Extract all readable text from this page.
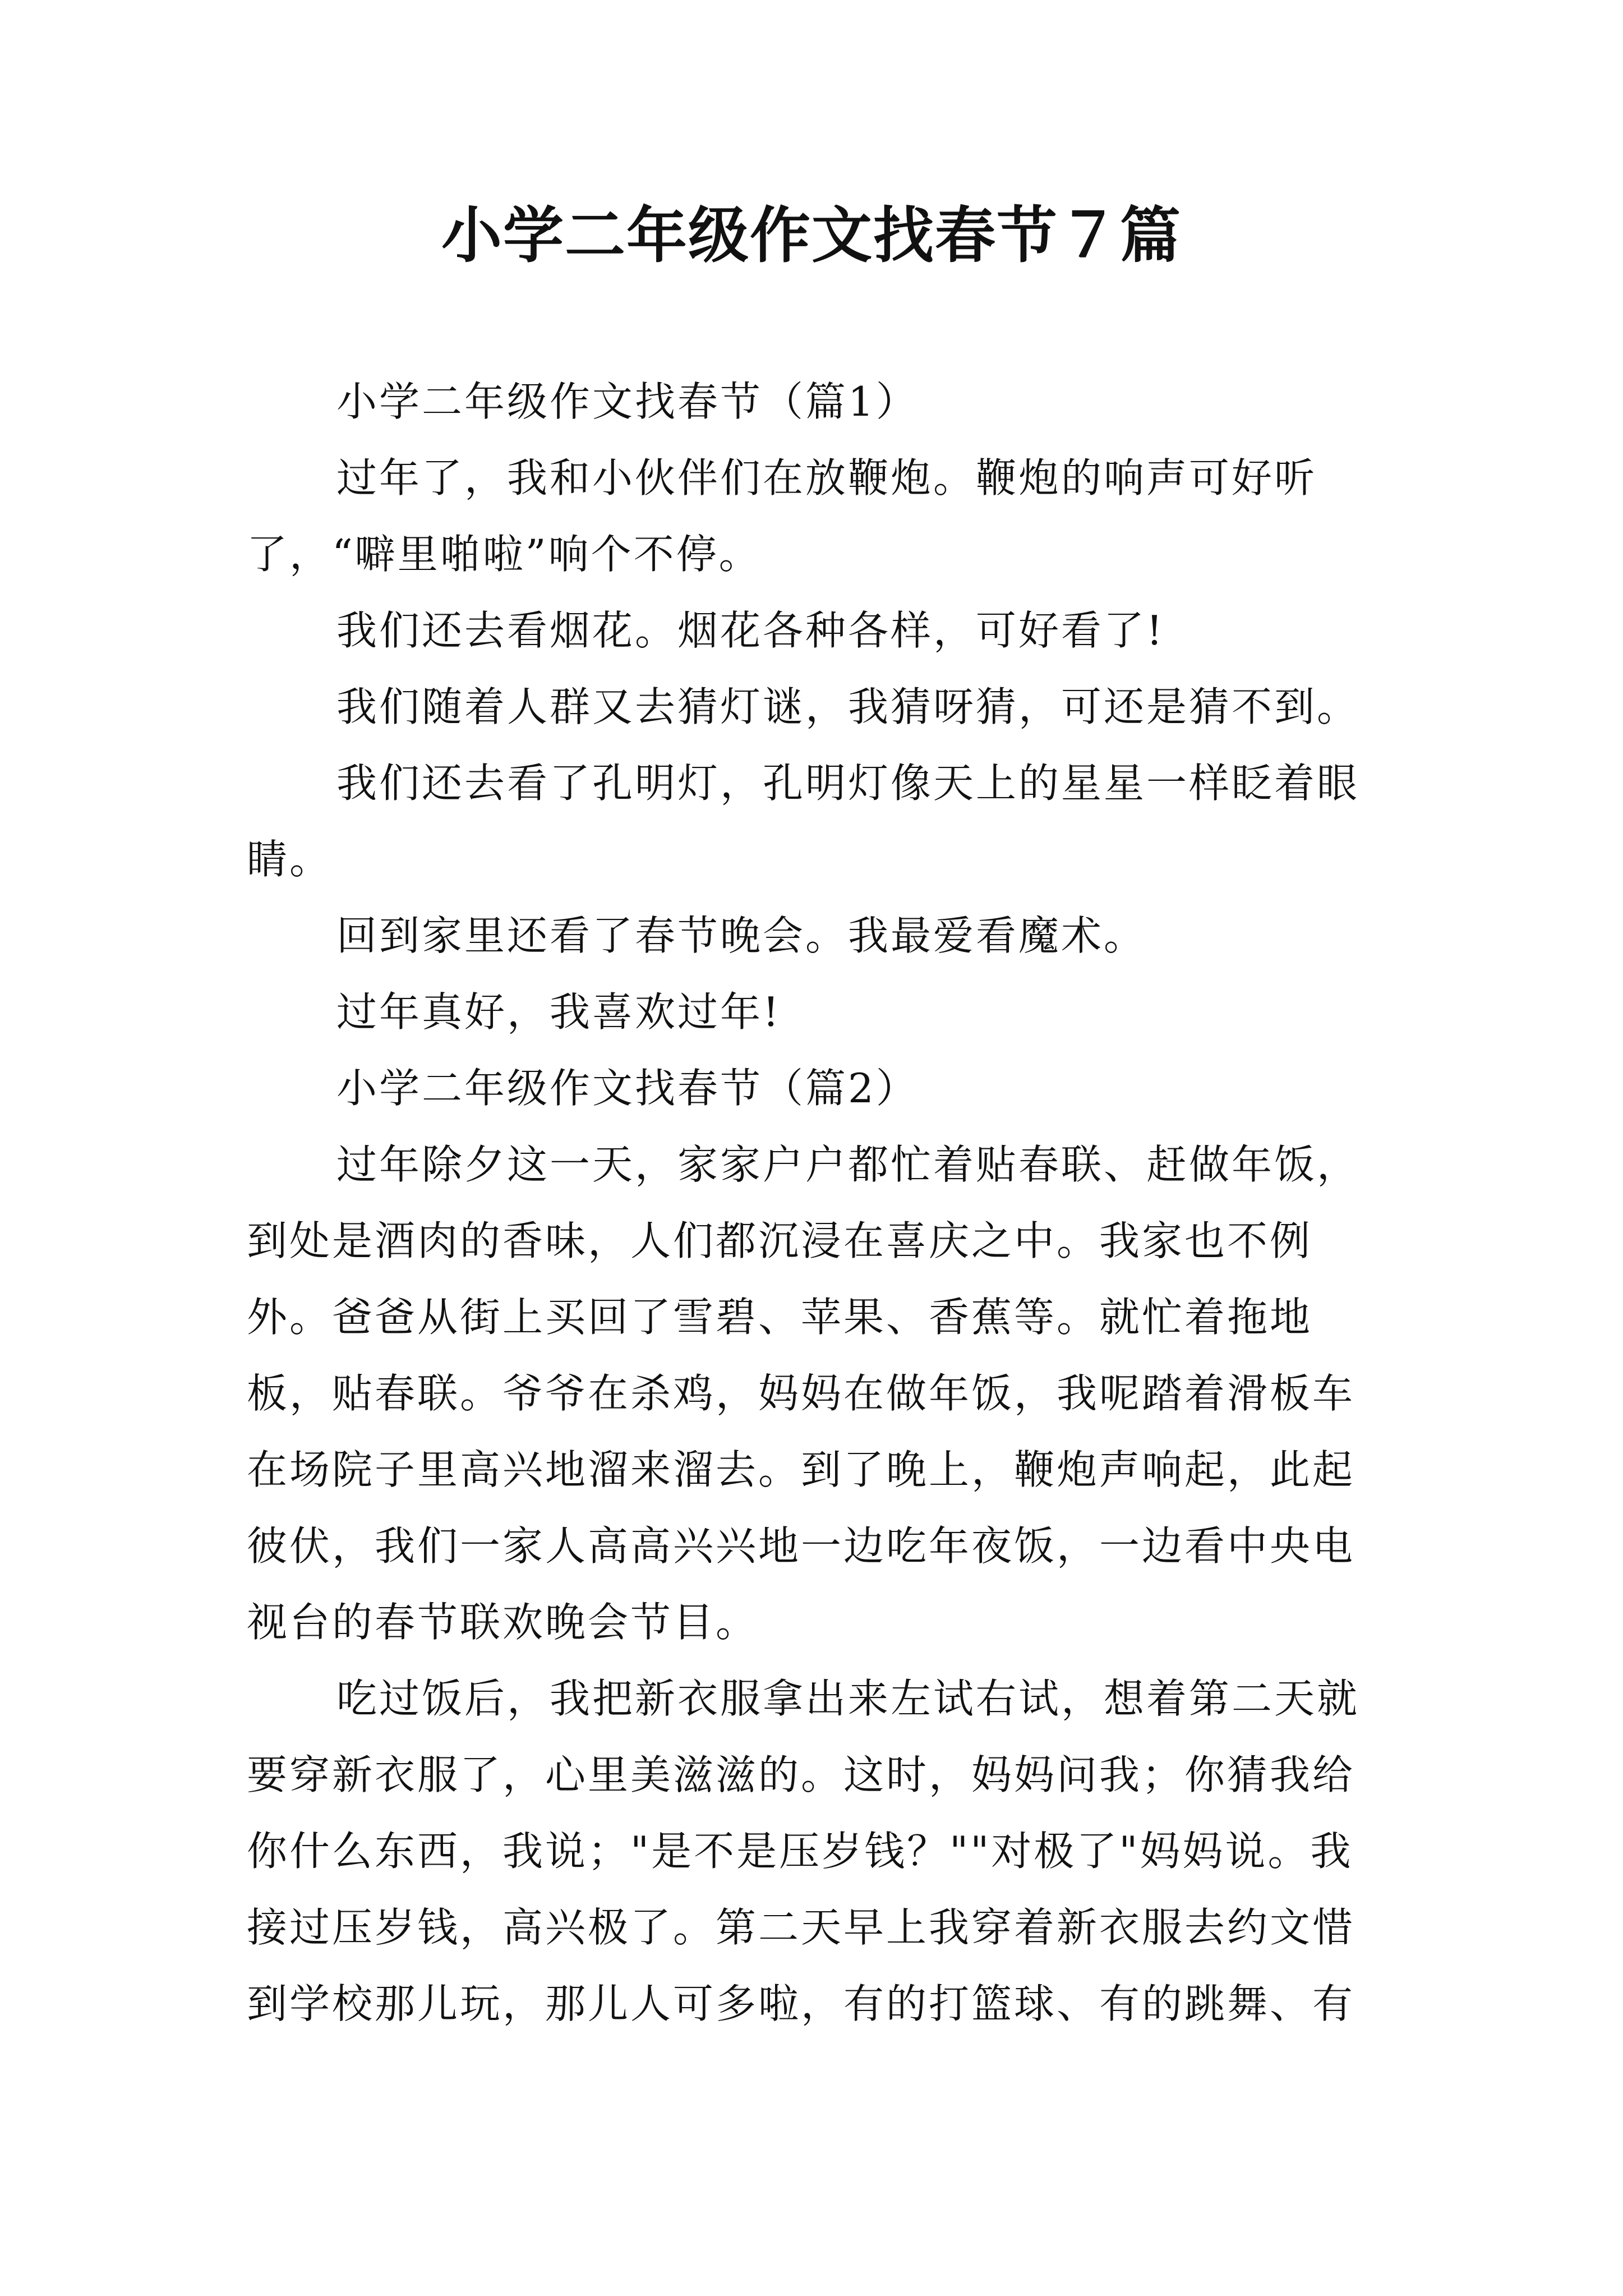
小学二年级作文找春节７篇

小学二年级作文找春节（篇1）

过年了，我和小伙伴们在放鞭炮。鞭炮的响声可好听了，“噼里啪啦”响个不停。

我们还去看烟花。烟花各种各样，可好看了!

我们随着人群又去猜灯谜，我猜呀猜，可还是猜不到。

我们还去看了孔明灯，孔明灯像天上的星星一样眨着眼睛。

回到家里还看了春节晚会。我最爱看魔术。

过年真好，我喜欢过年!

小学二年级作文找春节（篇2）

过年除夕这一天，家家户户都忙着贴春联、赶做年饭，到处是酒肉的香味，人们都沉浸在喜庆之中。我家也不例外。爸爸从街上买回了雪碧、苹果、香蕉等。就忙着拖地板，贴春联。爷爷在杀鸡，妈妈在做年饭，我呢踏着滑板车在场院子里高兴地溜来溜去。到了晚上，鞭炮声响起，此起彼伏，我们一家人高高兴兴地一边吃年夜饭，一边看中央电视台的春节联欢晚会节目。

吃过饭后，我把新衣服拿出来左试右试，想着第二天就要穿新衣服了，心里美滋滋的。这时，妈妈问我；你猜我给你什么东西，我说；"是不是压岁钱？""对极了"妈妈说。我接过压岁钱，高兴极了。第二天早上我穿着新衣服去约文惜到学校那儿玩，那儿人可多啦，有的打篮球、有的跳舞、有
